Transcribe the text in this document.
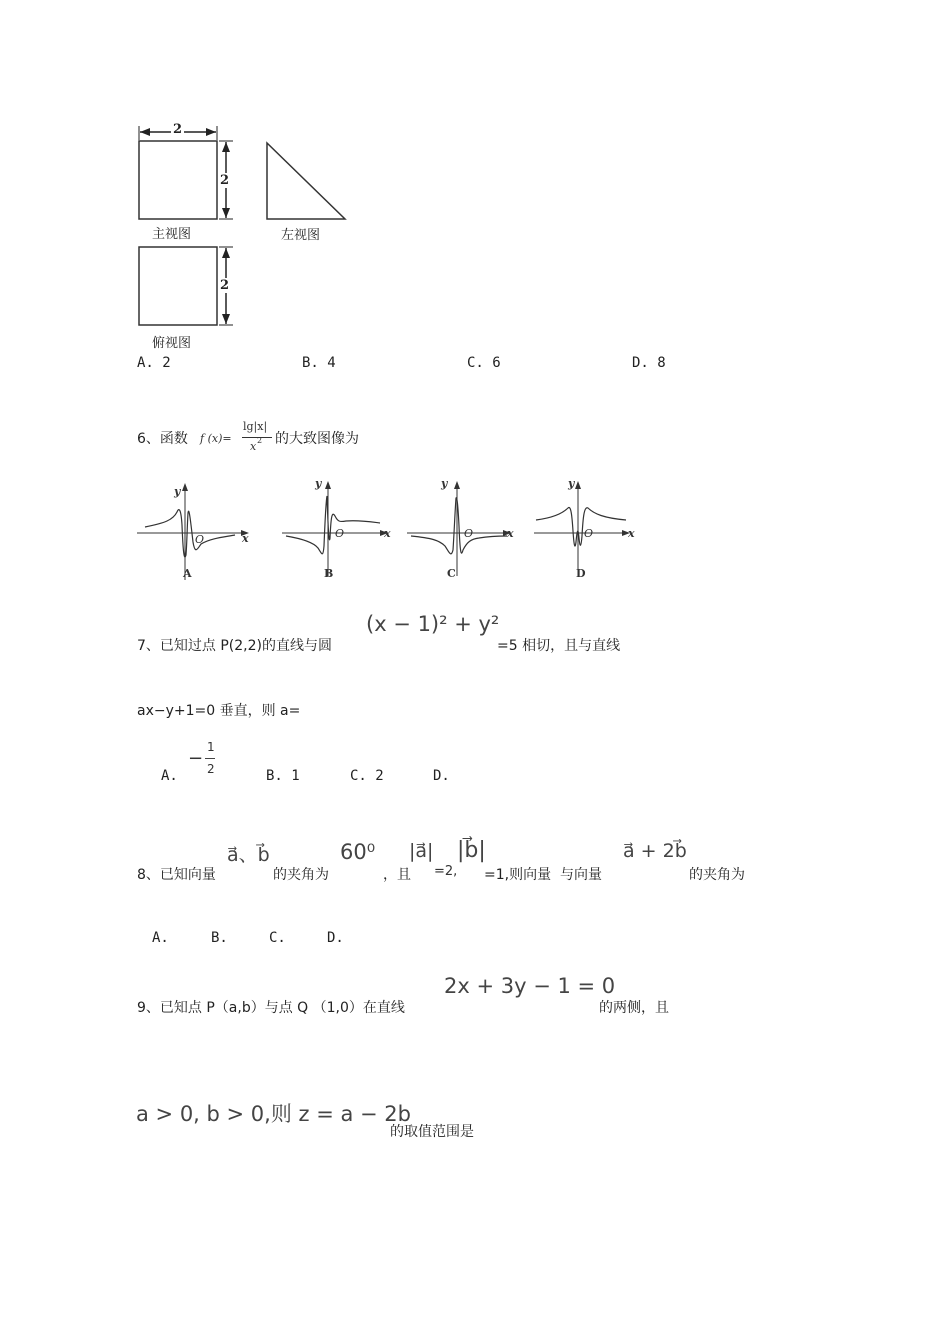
2
2
2
主视图	左视图
俯视图
A. 2	B. 4	C. 6	D. 8
6、函数 f (x)=
lg|x|
x 2 的大致图像为
y
x
O
A
y
x
O
B
y
x
O
C
y
x
O
D
7、已知过点 P(2,2)的直线与圆
(x − 1)² + y²
=5 相切，且与直线
ax−y+1=0 垂直，则 a=
A.
−
1
2	B. 1	C. 2	D.
8、已知向量
a⃗、b⃗
的夹角为
60⁰
，且
|a⃗|
=2,
|b⃗|
=1,则向量  与向量
a⃗ + 2b⃗
的夹角为
A.	B.	C.	D.
9、已知点 P（a,b）与点 Q （1,0）在直线
2x + 3y − 1 = 0
的两侧，且
a > 0, b > 0,则 z = a − 2b
的取值范围是
